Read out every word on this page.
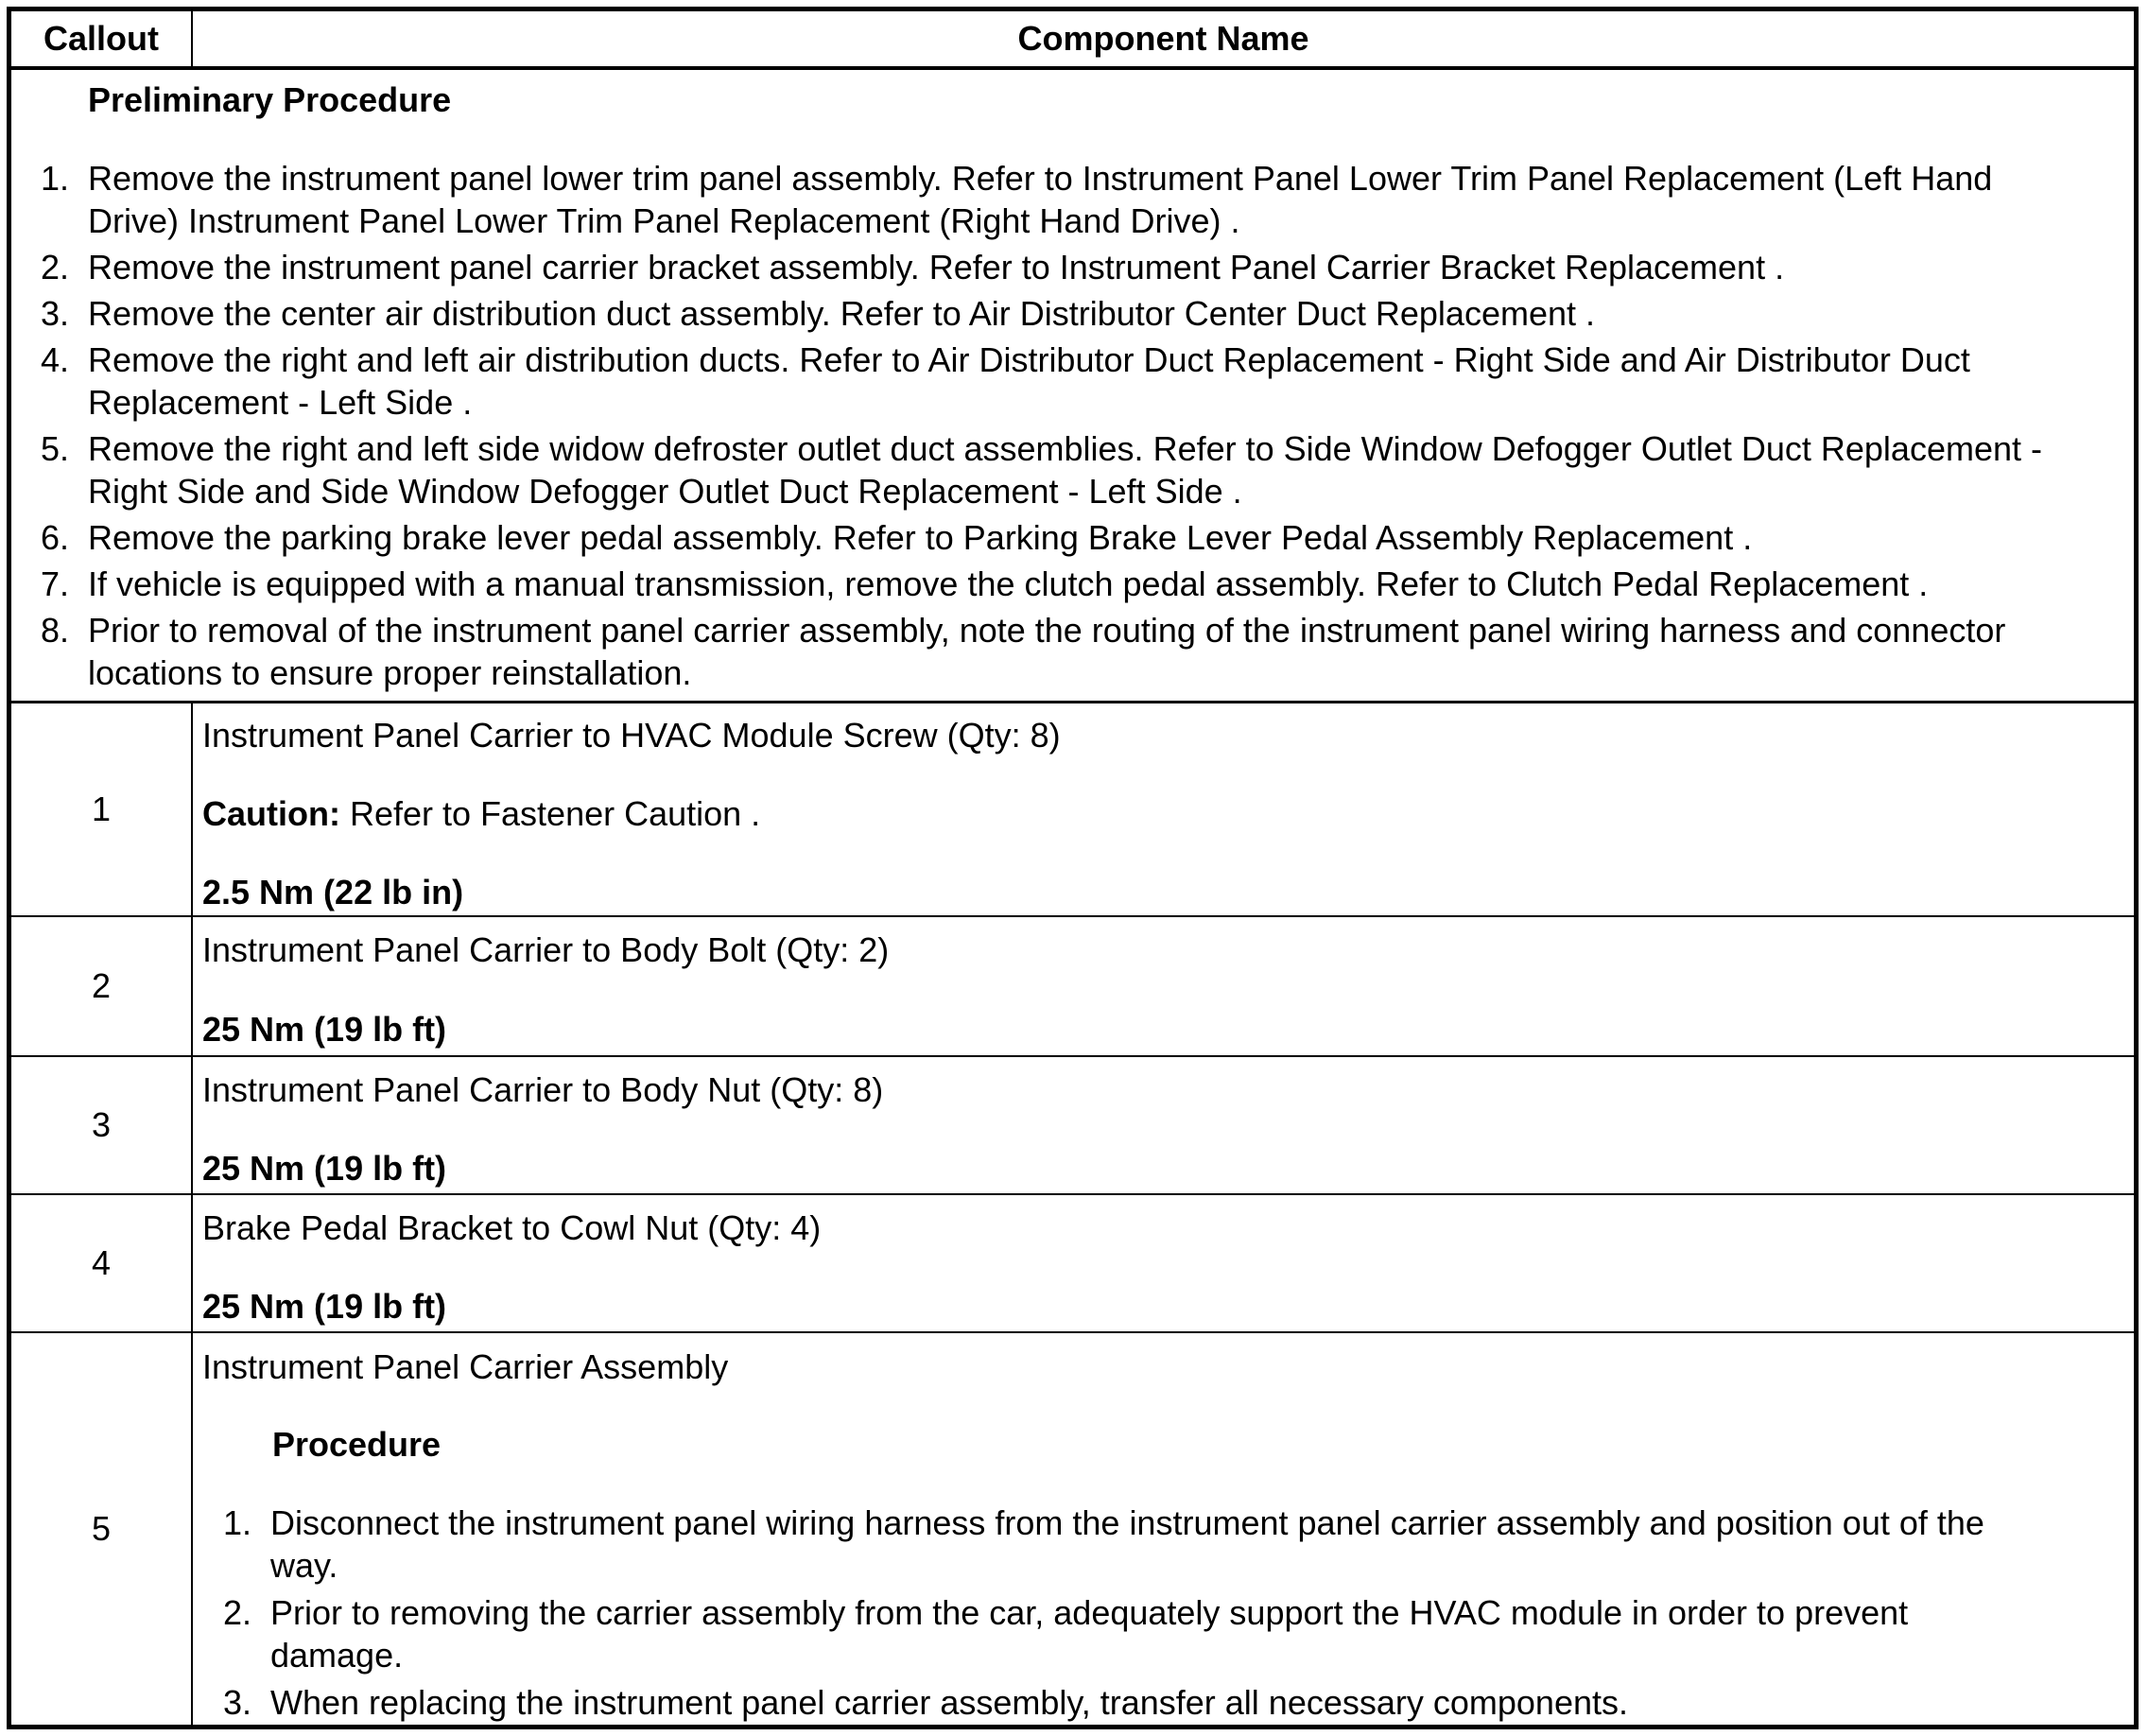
Callout	Component Name
Preliminary Procedure
1. Remove the instrument panel lower trim panel assembly. Refer to Instrument Panel Lower Trim Panel Replacement (Left Hand
Drive) Instrument Panel Lower Trim Panel Replacement (Right Hand Drive) .
2. Remove the instrument panel carrier bracket assembly. Refer to Instrument Panel Carrier Bracket Replacement .
3. Remove the center air distribution duct assembly. Refer to Air Distributor Center Duct Replacement .
4. Remove the right and left air distribution ducts. Refer to Air Distributor Duct Replacement - Right Side and Air Distributor Duct
Replacement - Left Side .
5. Remove the right and left side widow defroster outlet duct assemblies. Refer to Side Window Defogger Outlet Duct Replacement -
Right Side and Side Window Defogger Outlet Duct Replacement - Left Side .
6. Remove the parking brake lever pedal assembly. Refer to Parking Brake Lever Pedal Assembly Replacement .
7. If vehicle is equipped with a manual transmission, remove the clutch pedal assembly. Refer to Clutch Pedal Replacement .
8. Prior to removal of the instrument panel carrier assembly, note the routing of the instrument panel wiring harness and connector
locations to ensure proper reinstallation.
1
Instrument Panel Carrier to HVAC Module Screw (Qty: 8)
Caution: Refer to Fastener Caution .
2.5 Nm (22 lb in)
2
Instrument Panel Carrier to Body Bolt (Qty: 2)
25 Nm (19 lb ft)
3
Instrument Panel Carrier to Body Nut (Qty: 8)
25 Nm (19 lb ft)
4
Brake Pedal Bracket to Cowl Nut (Qty: 4)
25 Nm (19 lb ft)
5
Instrument Panel Carrier Assembly
Procedure
1. Disconnect the instrument panel wiring harness from the instrument panel carrier assembly and position out of the
way.
2. Prior to removing the carrier assembly from the car, adequately support the HVAC module in order to prevent
damage.
3. When replacing the instrument panel carrier assembly, transfer all necessary components.
